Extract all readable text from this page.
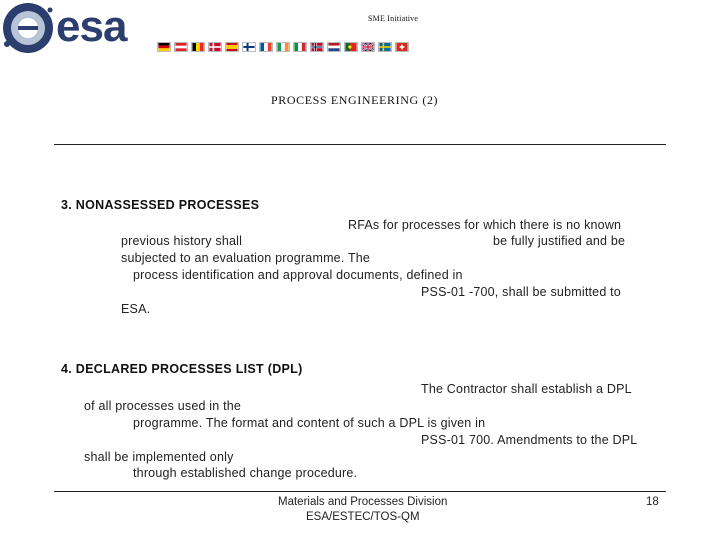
esa	SME Initiative
PROCESS ENGINEERING (2)
3. NONASSESSED PROCESSES
RFAs for processes for which there is no known
previous history shall	be fully justified and be
subjected to an evaluation programme. The
process identification and approval documents, defined in
PSS‑01 ‑700, shall be submitted to
ESA.
4. DECLARED PROCESSES LIST (DPL)
The Contractor shall establish a DPL
of all processes used in the
programme. The format and content of such a DPL is given in
PSS‑01 700. Amendments to the DPL
shall be implemented only
through established change procedure.
Materials and Processes Division
ESA/ESTEC/TOS-QM
18
